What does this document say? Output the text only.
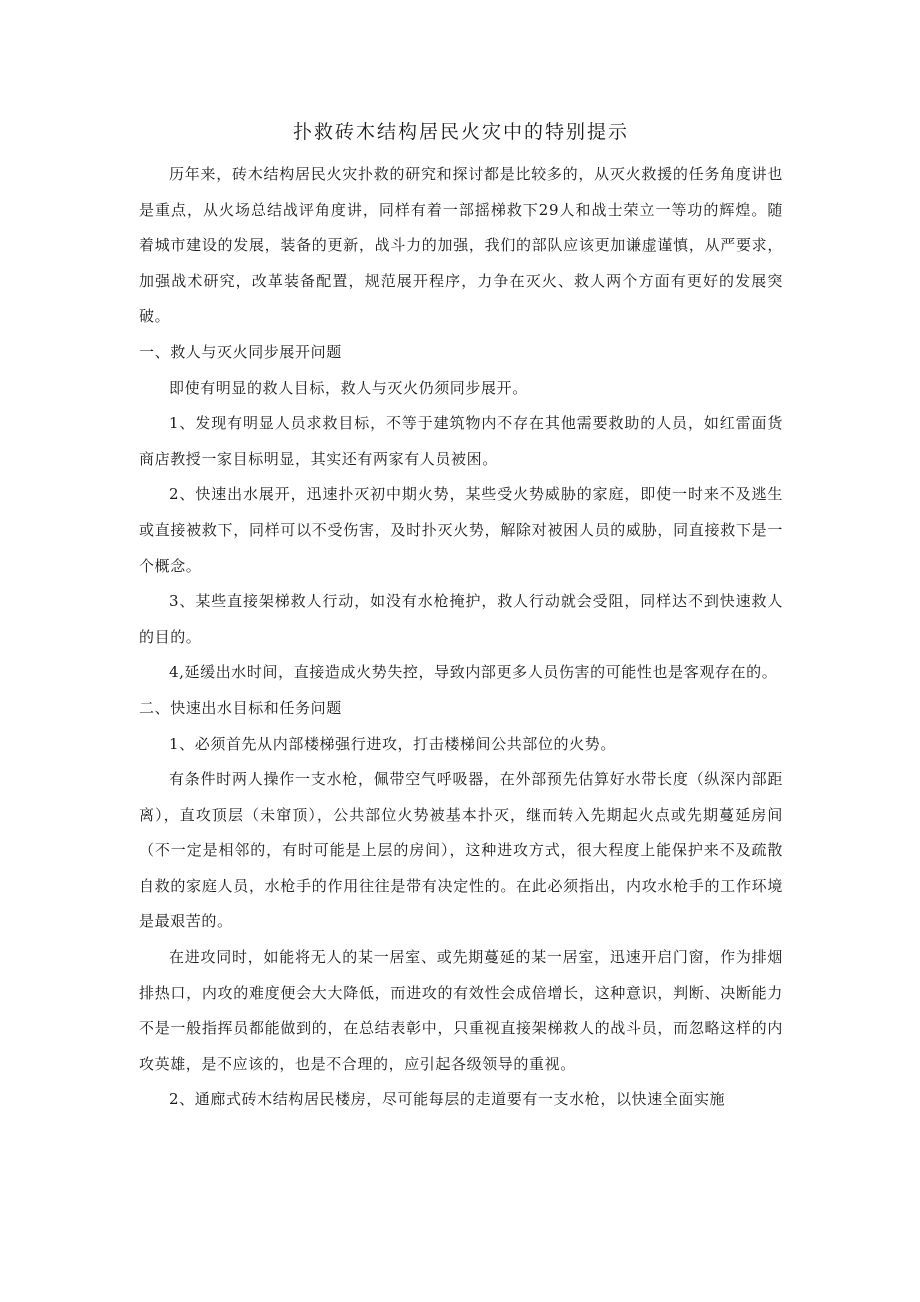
扑救砖木结构居民火灾中的特别提示

历年来，砖木结构居民火灾扑救的研究和探讨都是比较多的，从灭火救援的任务角度讲也是重点，从火场总结战评角度讲，同样有着一部摇梯救下29人和战士荣立一等功的辉煌。随着城市建设的发展，装备的更新，战斗力的加强，我们的部队应该更加谦虚谨慎，从严要求，加强战术研究，改革装备配置，规范展开程序，力争在灭火、救人两个方面有更好的发展突破。

一、救人与灭火同步展开问题

即使有明显的救人目标，救人与灭火仍须同步展开。

1、发现有明显人员求救目标，不等于建筑物内不存在其他需要救助的人员，如红雷面货商店教授一家目标明显，其实还有两家有人员被困。

2、快速出水展开，迅速扑灭初中期火势，某些受火势威胁的家庭，即使一时来不及逃生或直接被救下，同样可以不受伤害，及时扑灭火势，解除对被困人员的威胁，同直接救下是一个概念。

3、某些直接架梯救人行动，如没有水枪掩护，救人行动就会受阻，同样达不到快速救人的目的。

4,延缓出水时间，直接造成火势失控，导致内部更多人员伤害的可能性也是客观存在的。

二、快速出水目标和任务问题

1、必须首先从内部楼梯强行进攻，打击楼梯间公共部位的火势。

有条件时两人操作一支水枪，佩带空气呼吸器，在外部预先估算好水带长度（纵深内部距离），直攻顶层（未窜顶），公共部位火势被基本扑灭，继而转入先期起火点或先期蔓延房间（不一定是相邻的，有时可能是上层的房间），这种进攻方式，很大程度上能保护来不及疏散自救的家庭人员，水枪手的作用往往是带有决定性的。在此必须指出，内攻水枪手的工作环境是最艰苦的。

在进攻同时，如能将无人的某一居室、或先期蔓延的某一居室，迅速开启门窗，作为排烟排热口，内攻的难度便会大大降低，而进攻的有效性会成倍增长，这种意识，判断、决断能力不是一般指挥员都能做到的，在总结表彰中，只重视直接架梯救人的战斗员，而忽略这样的内攻英雄，是不应该的，也是不合理的，应引起各级领导的重视。

2、通廊式砖木结构居民楼房，尽可能每层的走道要有一支水枪，以快速全面实施
